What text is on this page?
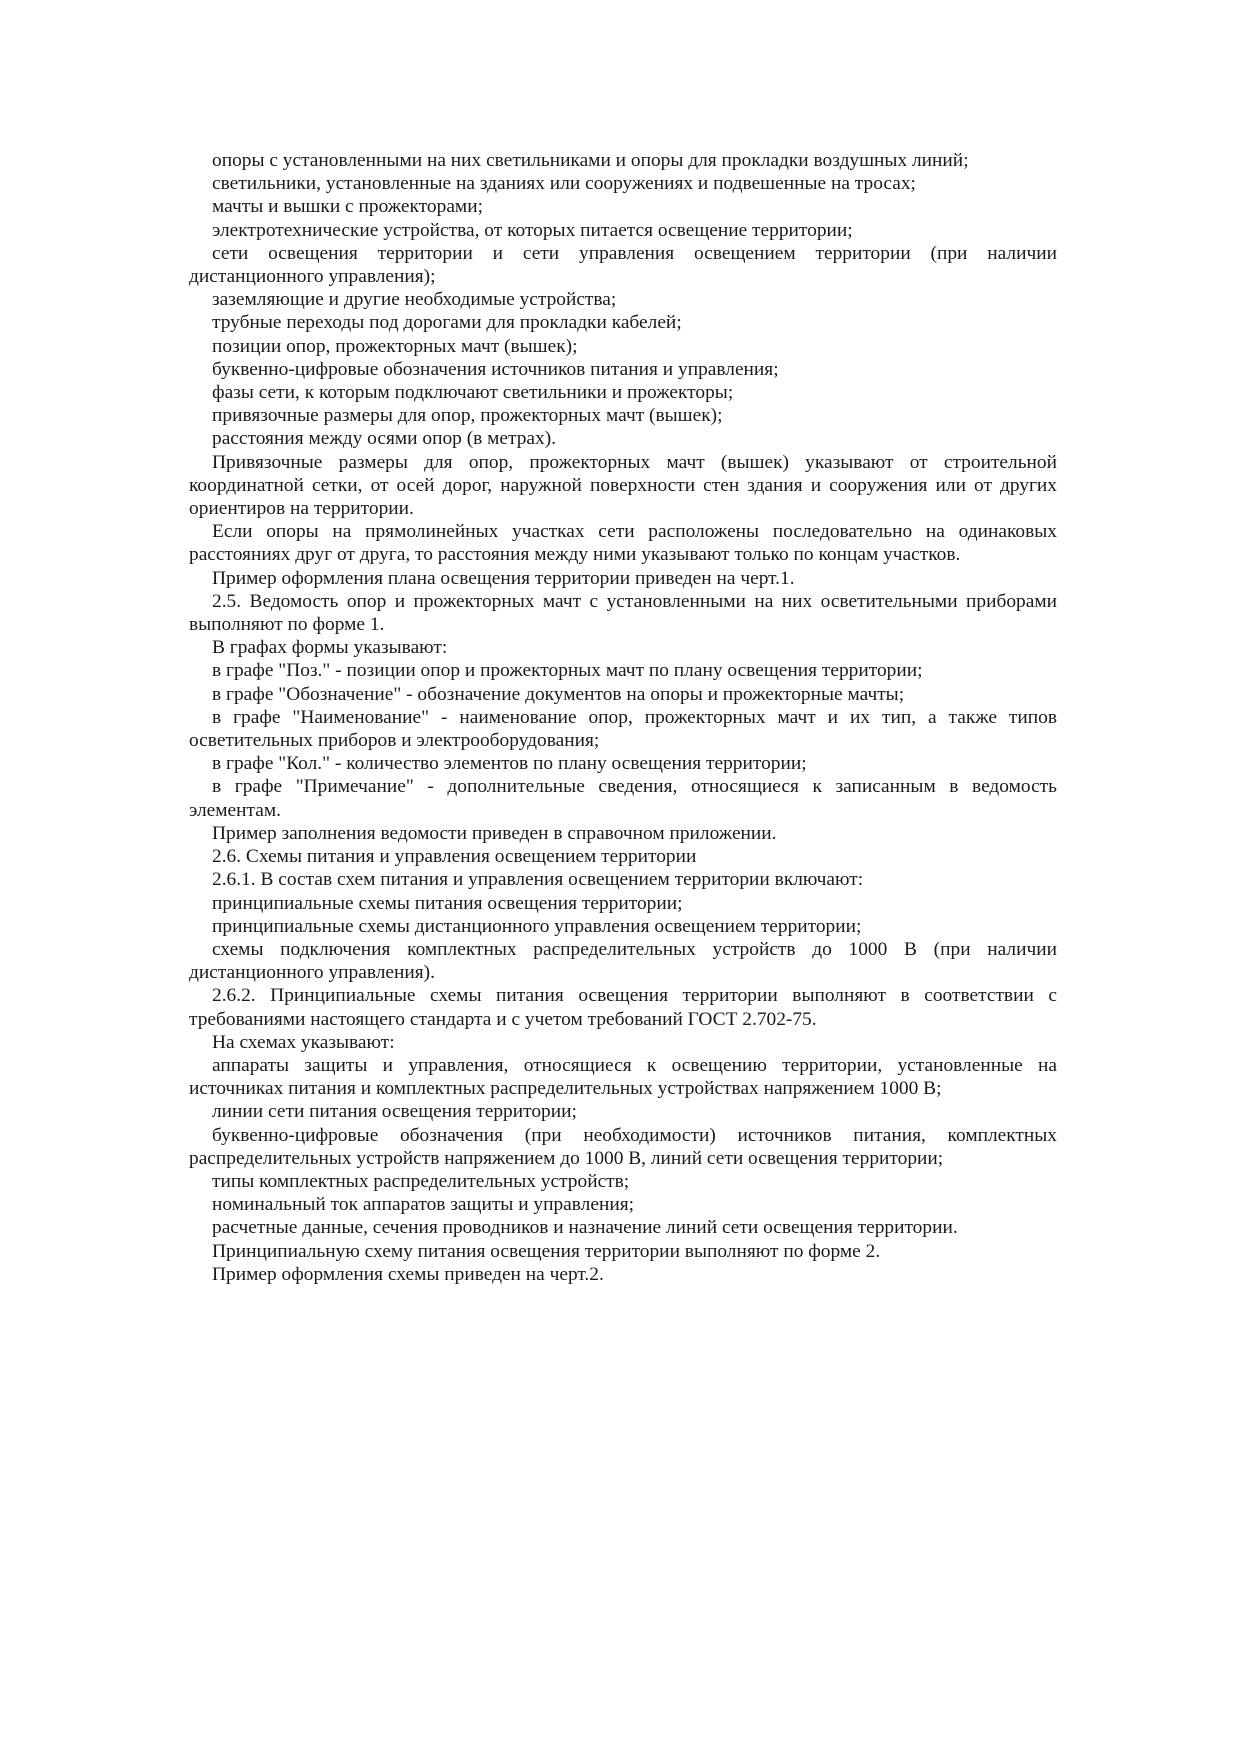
опоры с установленными на них светильниками и опоры для прокладки воздушных линий;

светильники, установленные на зданиях или сооружениях и подвешенные на тросах;

мачты и вышки с прожекторами;

электротехнические устройства, от которых питается освещение территории;

сети освещения территории и сети управления освещением территории (при наличии дистанционного управления);

заземляющие и другие необходимые устройства;

трубные переходы под дорогами для прокладки кабелей;

позиции опор, прожекторных мачт (вышек);

буквенно-цифровые обозначения источников питания и управления;

фазы сети, к которым подключают светильники и прожекторы;

привязочные размеры для опор, прожекторных мачт (вышек);

расстояния между осями опор (в метрах).

Привязочные размеры для опор, прожекторных мачт (вышек) указывают от строительной координатной сетки, от осей дорог, наружной поверхности стен здания и сооружения или от других ориентиров на территории.

Если опоры на прямолинейных участках сети расположены последовательно на одинаковых расстояниях друг от друга, то расстояния между ними указывают только по концам участков.

Пример оформления плана освещения территории приведен на черт.1.

2.5. Ведомость опор и прожекторных мачт с установленными на них осветительными приборами выполняют по форме 1.

В графах формы указывают:

в графе "Поз." - позиции опор и прожекторных мачт по плану освещения территории;

в графе "Обозначение" - обозначение документов на опоры и прожекторные мачты;

в графе "Наименование" - наименование опор, прожекторных мачт и их тип, а также типов осветительных приборов и электрооборудования;

в графе "Кол." - количество элементов по плану освещения территории;

в графе "Примечание" - дополнительные сведения, относящиеся к записанным в ведомость элементам.

Пример заполнения ведомости приведен в справочном приложении.

2.6. Схемы питания и управления освещением территории

2.6.1. В состав схем питания и управления освещением территории включают:

принципиальные схемы питания освещения территории;

принципиальные схемы дистанционного управления освещением территории;

схемы подключения комплектных распределительных устройств до 1000 В (при наличии дистанционного управления).

2.6.2. Принципиальные схемы питания освещения территории выполняют в соответствии с требованиями настоящего стандарта и с учетом требований ГОСТ 2.702-75.

На схемах указывают:

аппараты защиты и управления, относящиеся к освещению территории, установленные на источниках питания и комплектных распределительных устройствах напряжением 1000 В;

линии сети питания освещения территории;

буквенно-цифровые обозначения (при необходимости) источников питания, комплектных распределительных устройств напряжением до 1000 В, линий сети освещения территории;

типы комплектных распределительных устройств;

номинальный ток аппаратов защиты и управления;

расчетные данные, сечения проводников и назначение линий сети освещения территории.

Принципиальную схему питания освещения территории выполняют по форме 2.

Пример оформления схемы приведен на черт.2.
